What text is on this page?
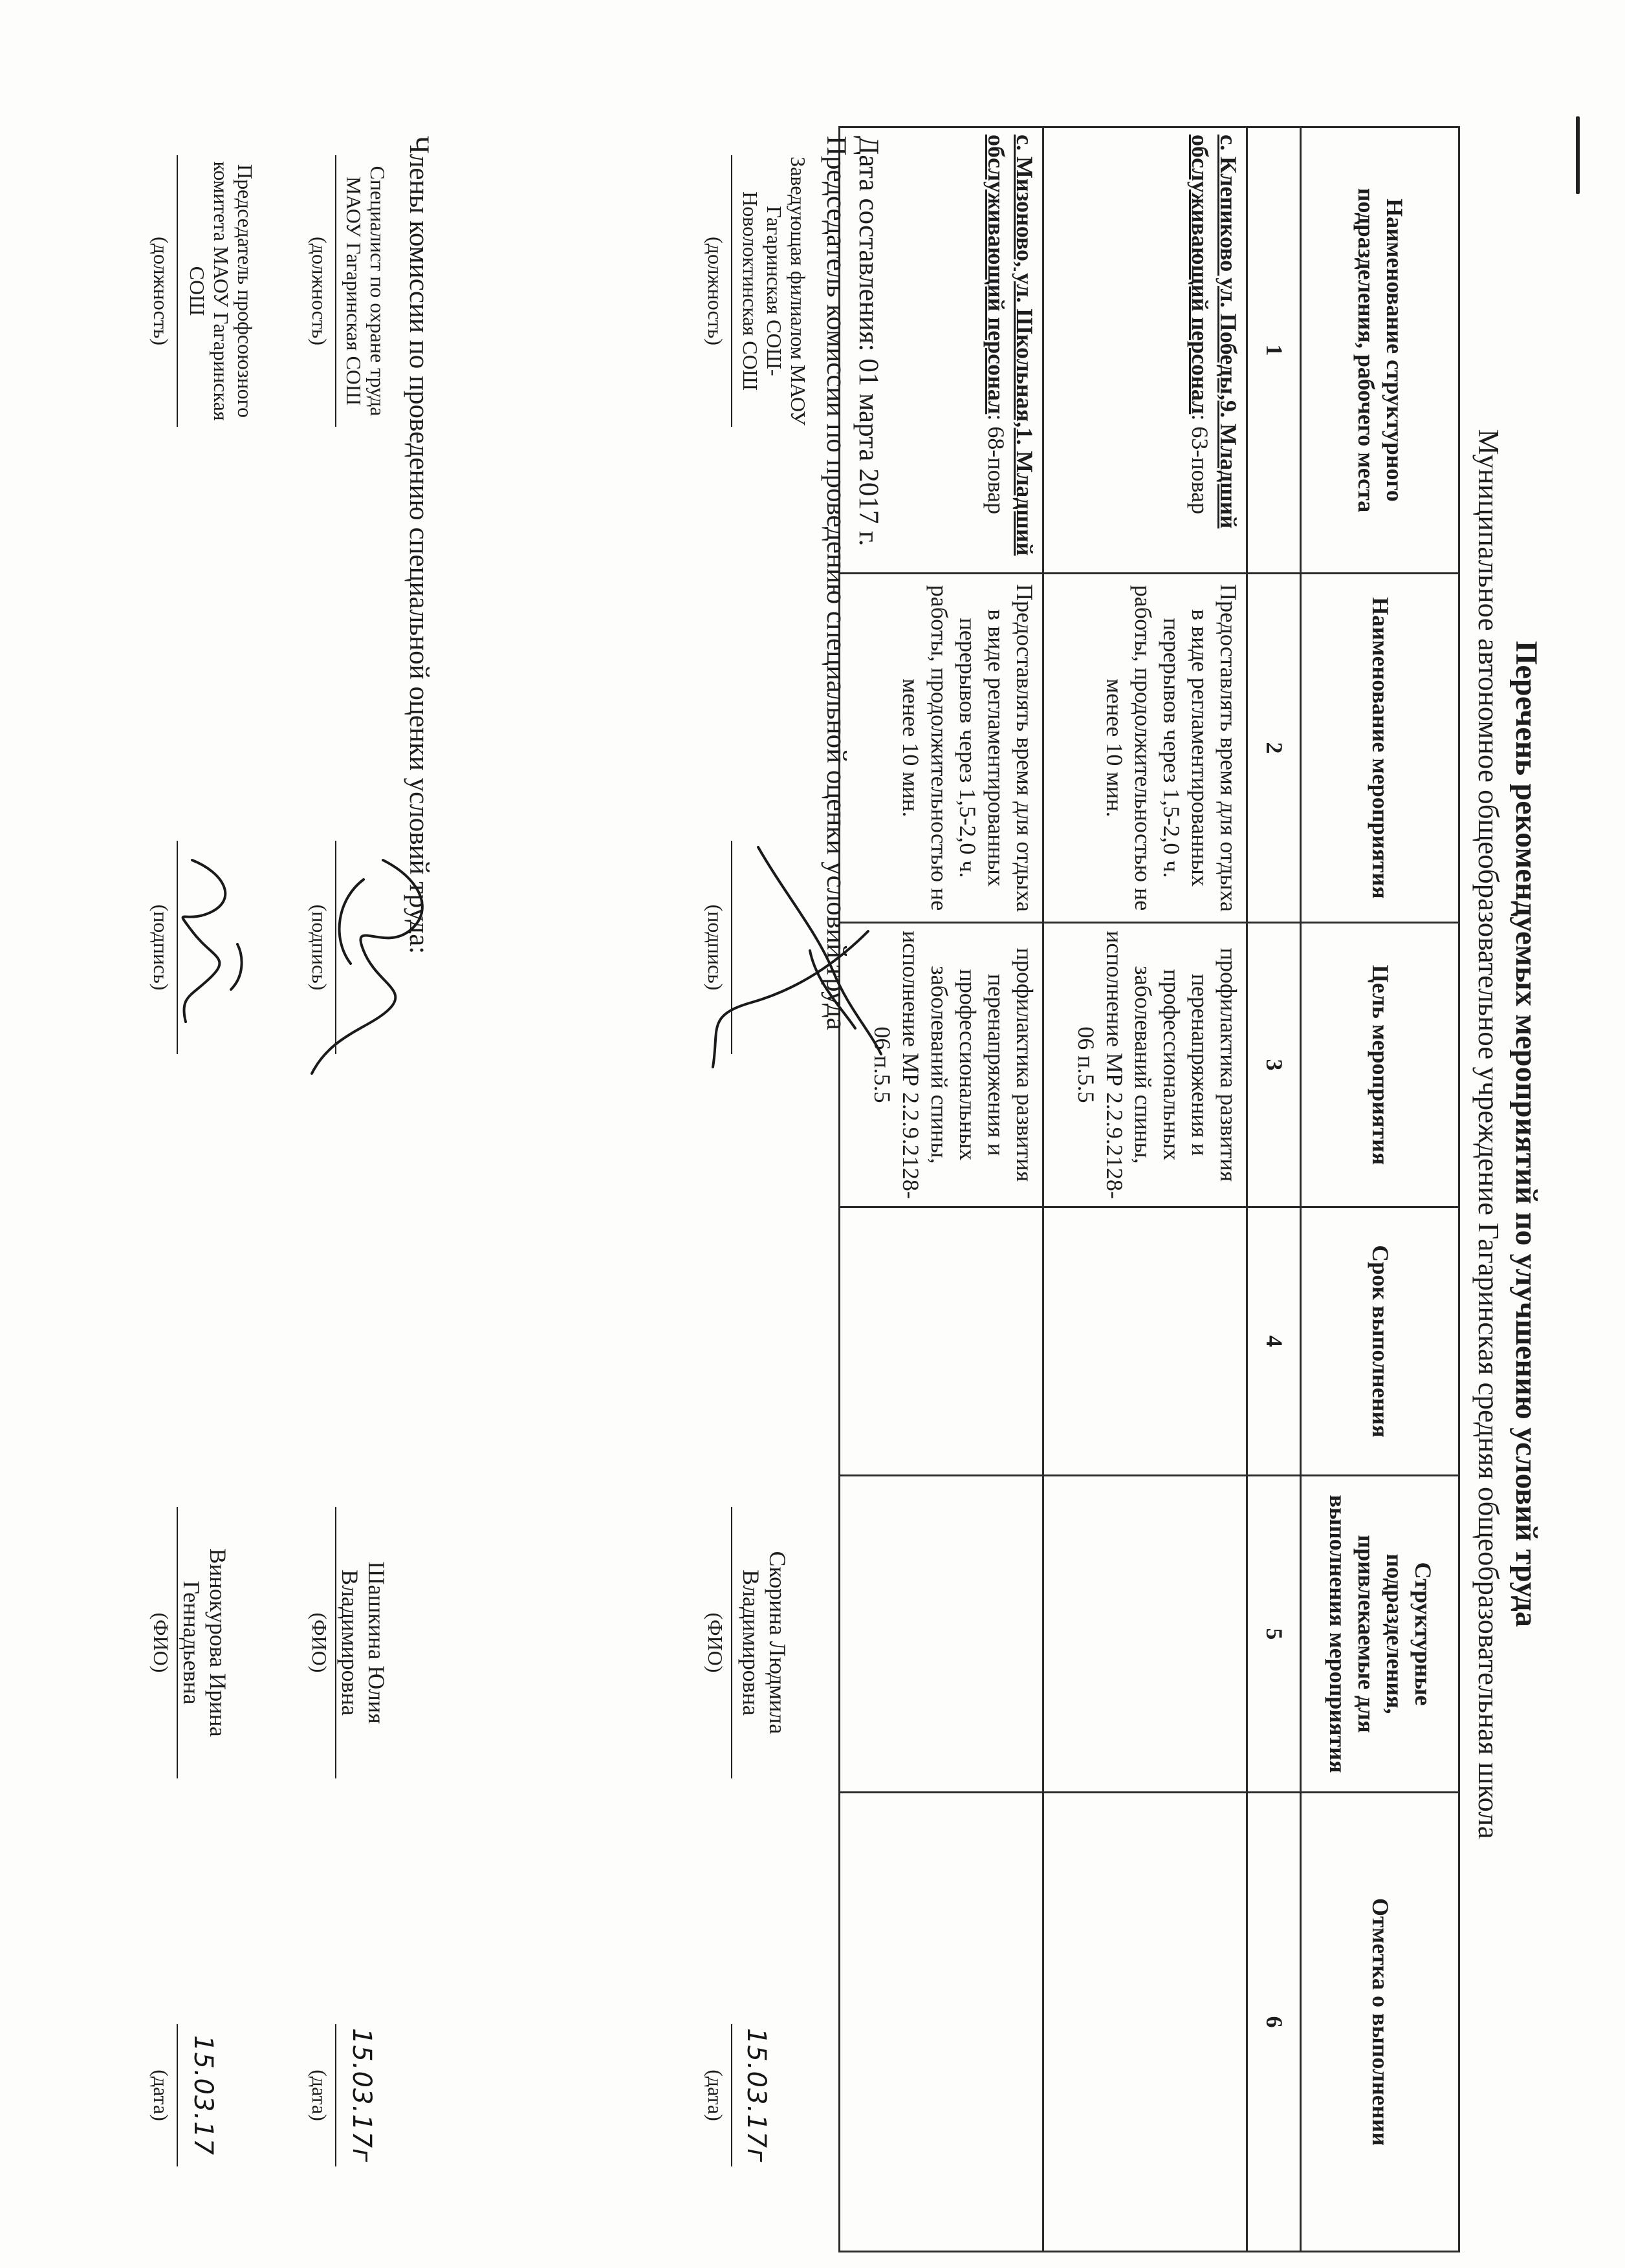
Перечень рекомендуемых мероприятий по улучшению условий труда
Муниципальное автономное общеобразовательное учреждение Гагаринская средняя общеобразовательная школа
Наименование структурного подразделения, рабочего места	Наименование мероприятия	Цель мероприятия	Срок выполнения	Структурные подразделения, привлекаемые для выполнения мероприятия	Отметка о выполнении
1	2	3	4	5	6
с. Клепиково ул. Победы,9. Младший обслуживающий персонал: 63-повар	Предоставлять время для отдыха в виде регламентированных перерывов через 1,5-2,0 ч. работы, продолжительностью не менее 10 мин.	профилактика развития перенапряжения и профессиональных заболеваний спины, исполнение МР 2.2.9.2128-06 п.5.5			
с. Мизоново, ул. Школьная,1. Младший обслуживающий персонал: 68-повар	Предоставлять время для отдыха в виде регламентированных перерывов через 1,5-2,0 ч. работы, продолжительностью не менее 10 мин.	профилактика развития перенапряжения и профессиональных заболеваний спины, исполнение МР 2.2.9.2128-06 п.5.5			
Дата составления: 01 марта 2017 г.
Председатель комиссии по проведению специальной оценки условий труда
Заведующая филиалом МАОУ Гагаринская СОШ-Новолоктинская СОШ
(должность)
(подпись)
Скорина Людмила Владимировна
(ФИО)
15.03.17г
(дата)
Члены комиссии по проведению специальной оценки условий труда:
Специалист по охране труда МАОУ Гагаринская СОШ
(должность)
(подпись)
Шашкина Юлия Владимировна
(ФИО)
15.03.17г
(дата)
Председатель профсоюзного комитета МАОУ Гагаринская СОШ
(должность)
(подпись)
Винокурова Ирина Геннадьевна
(ФИО)
15.03.17
(дата)
